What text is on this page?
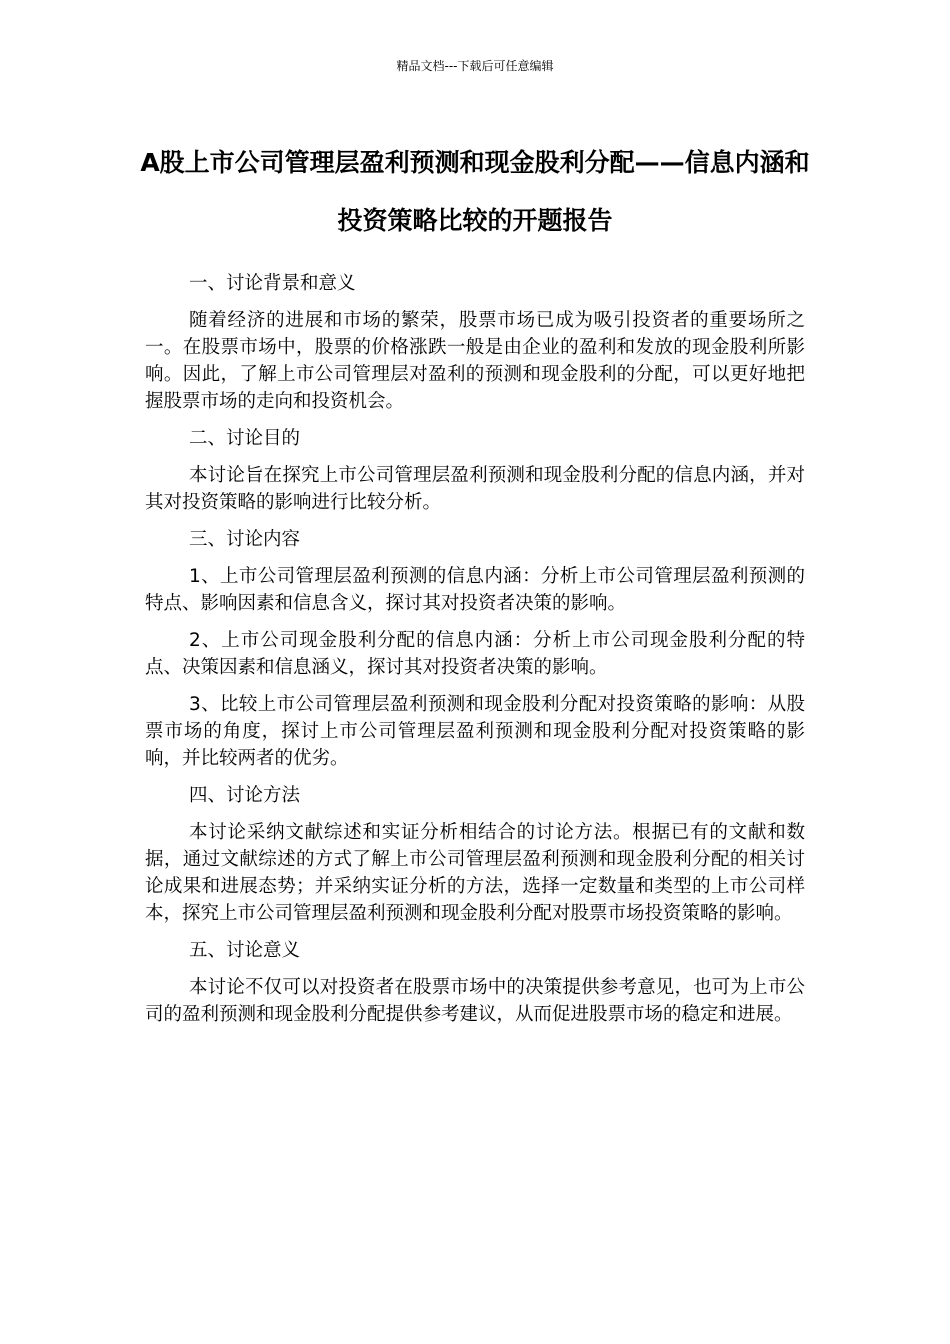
精品文档---下载后可任意编辑
A股上市公司管理层盈利预测和现金股利分配——信息内涵和投资策略比较的开题报告

一、讨论背景和意义

随着经济的进展和市场的繁荣，股票市场已成为吸引投资者的重要场所之一。在股票市场中，股票的价格涨跌一般是由企业的盈利和发放的现金股利所影响。因此，了解上市公司管理层对盈利的预测和现金股利的分配，可以更好地把握股票市场的走向和投资机会。

二、讨论目的

本讨论旨在探究上市公司管理层盈利预测和现金股利分配的信息内涵，并对其对投资策略的影响进行比较分析。

三、讨论内容

1、上市公司管理层盈利预测的信息内涵：分析上市公司管理层盈利预测的特点、影响因素和信息含义，探讨其对投资者决策的影响。

2、上市公司现金股利分配的信息内涵：分析上市公司现金股利分配的特点、决策因素和信息涵义，探讨其对投资者决策的影响。

3、比较上市公司管理层盈利预测和现金股利分配对投资策略的影响：从股票市场的角度，探讨上市公司管理层盈利预测和现金股利分配对投资策略的影响，并比较两者的优劣。

四、讨论方法

本讨论采纳文献综述和实证分析相结合的讨论方法。根据已有的文献和数据，通过文献综述的方式了解上市公司管理层盈利预测和现金股利分配的相关讨论成果和进展态势；并采纳实证分析的方法，选择一定数量和类型的上市公司样本，探究上市公司管理层盈利预测和现金股利分配对股票市场投资策略的影响。

五、讨论意义

本讨论不仅可以对投资者在股票市场中的决策提供参考意见，也可为上市公司的盈利预测和现金股利分配提供参考建议，从而促进股票市场的稳定和进展。
